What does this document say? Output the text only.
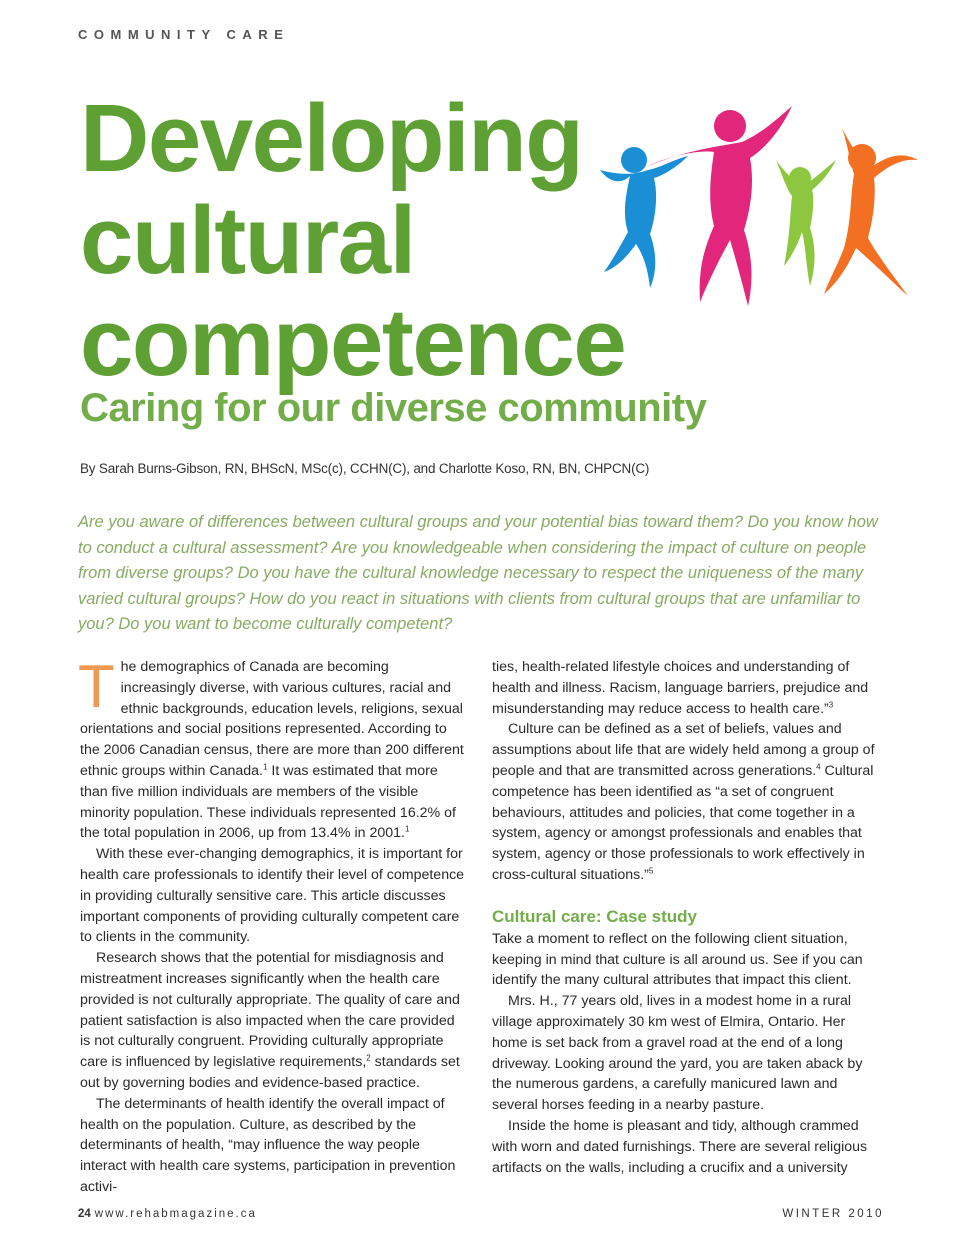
COMMUNITY CARE
Developing
cultural
competence
Caring for our diverse community
By Sarah Burns-Gibson, RN, BHScN, MSc(c), CCHN(C), and Charlotte Koso, RN, BN, CHPCN(C)

Are you aware of differences between cultural groups and your potential bias toward them? Do you know how to conduct a cultural assessment? Are you knowledgeable when considering the impact of culture on people from diverse groups? Do you have the cultural knowledge necessary to respect the uniqueness of the many varied cultural groups? How do you react in situations with clients from cultural groups that are unfamiliar to you? Do you want to become culturally competent?

The demographics of Canada are becoming increasingly diverse, with various cultures, racial and ethnic backgrounds, education levels, religions, sexual orientations and social positions represented. According to the 2006 Canadian census, there are more than 200 different ethnic groups within Canada.$^1$ It was estimated that more than five million individuals are members of the visible minority population. These individuals represented 16.2% of the total population in 2006, up from 13.4% in 2001.$^1$

With these ever-changing demographics, it is important for health care professionals to identify their level of competence in providing culturally sensitive care. This article discusses important components of providing culturally competent care to clients in the community.

Research shows that the potential for misdiagnosis and mistreatment increases significantly when the health care provided is not culturally appropriate. The quality of care and patient satisfaction is also impacted when the care provided is not culturally congruent. Providing culturally appropriate care is influenced by legislative requirements,$^2$ standards set out by governing bodies and evidence-based practice.

The determinants of health identify the overall impact of health on the population. Culture, as described by the determinants of health, “may influence the way people interact with health care systems, participation in prevention activi-

ties, health-related lifestyle choices and understanding of health and illness. Racism, language barriers, prejudice and misunderstanding may reduce access to health care.”$^3$

Culture can be defined as a set of beliefs, values and assumptions about life that are widely held among a group of people and that are transmitted across generations.$^4$ Cultural competence has been identified as “a set of congruent behaviours, attitudes and policies, that come together in a system, agency or amongst professionals and enables that system, agency or those professionals to work effectively in cross-cultural situations.”$^5$

Cultural care: Case study

Take a moment to reflect on the following client situation, keeping in mind that culture is all around us. See if you can identify the many cultural attributes that impact this client.

Mrs. H., 77 years old, lives in a modest home in a rural village approximately 30 km west of Elmira, Ontario. Her home is set back from a gravel road at the end of a long driveway. Looking around the yard, you are taken aback by the numerous gardens, a carefully manicured lawn and several horses feeding in a nearby pasture.

Inside the home is pleasant and tidy, although crammed with worn and dated furnishings. There are several religious artifacts on the walls, including a crucifix and a university

24 www.rehabmagazine.ca	WINTER 2010
